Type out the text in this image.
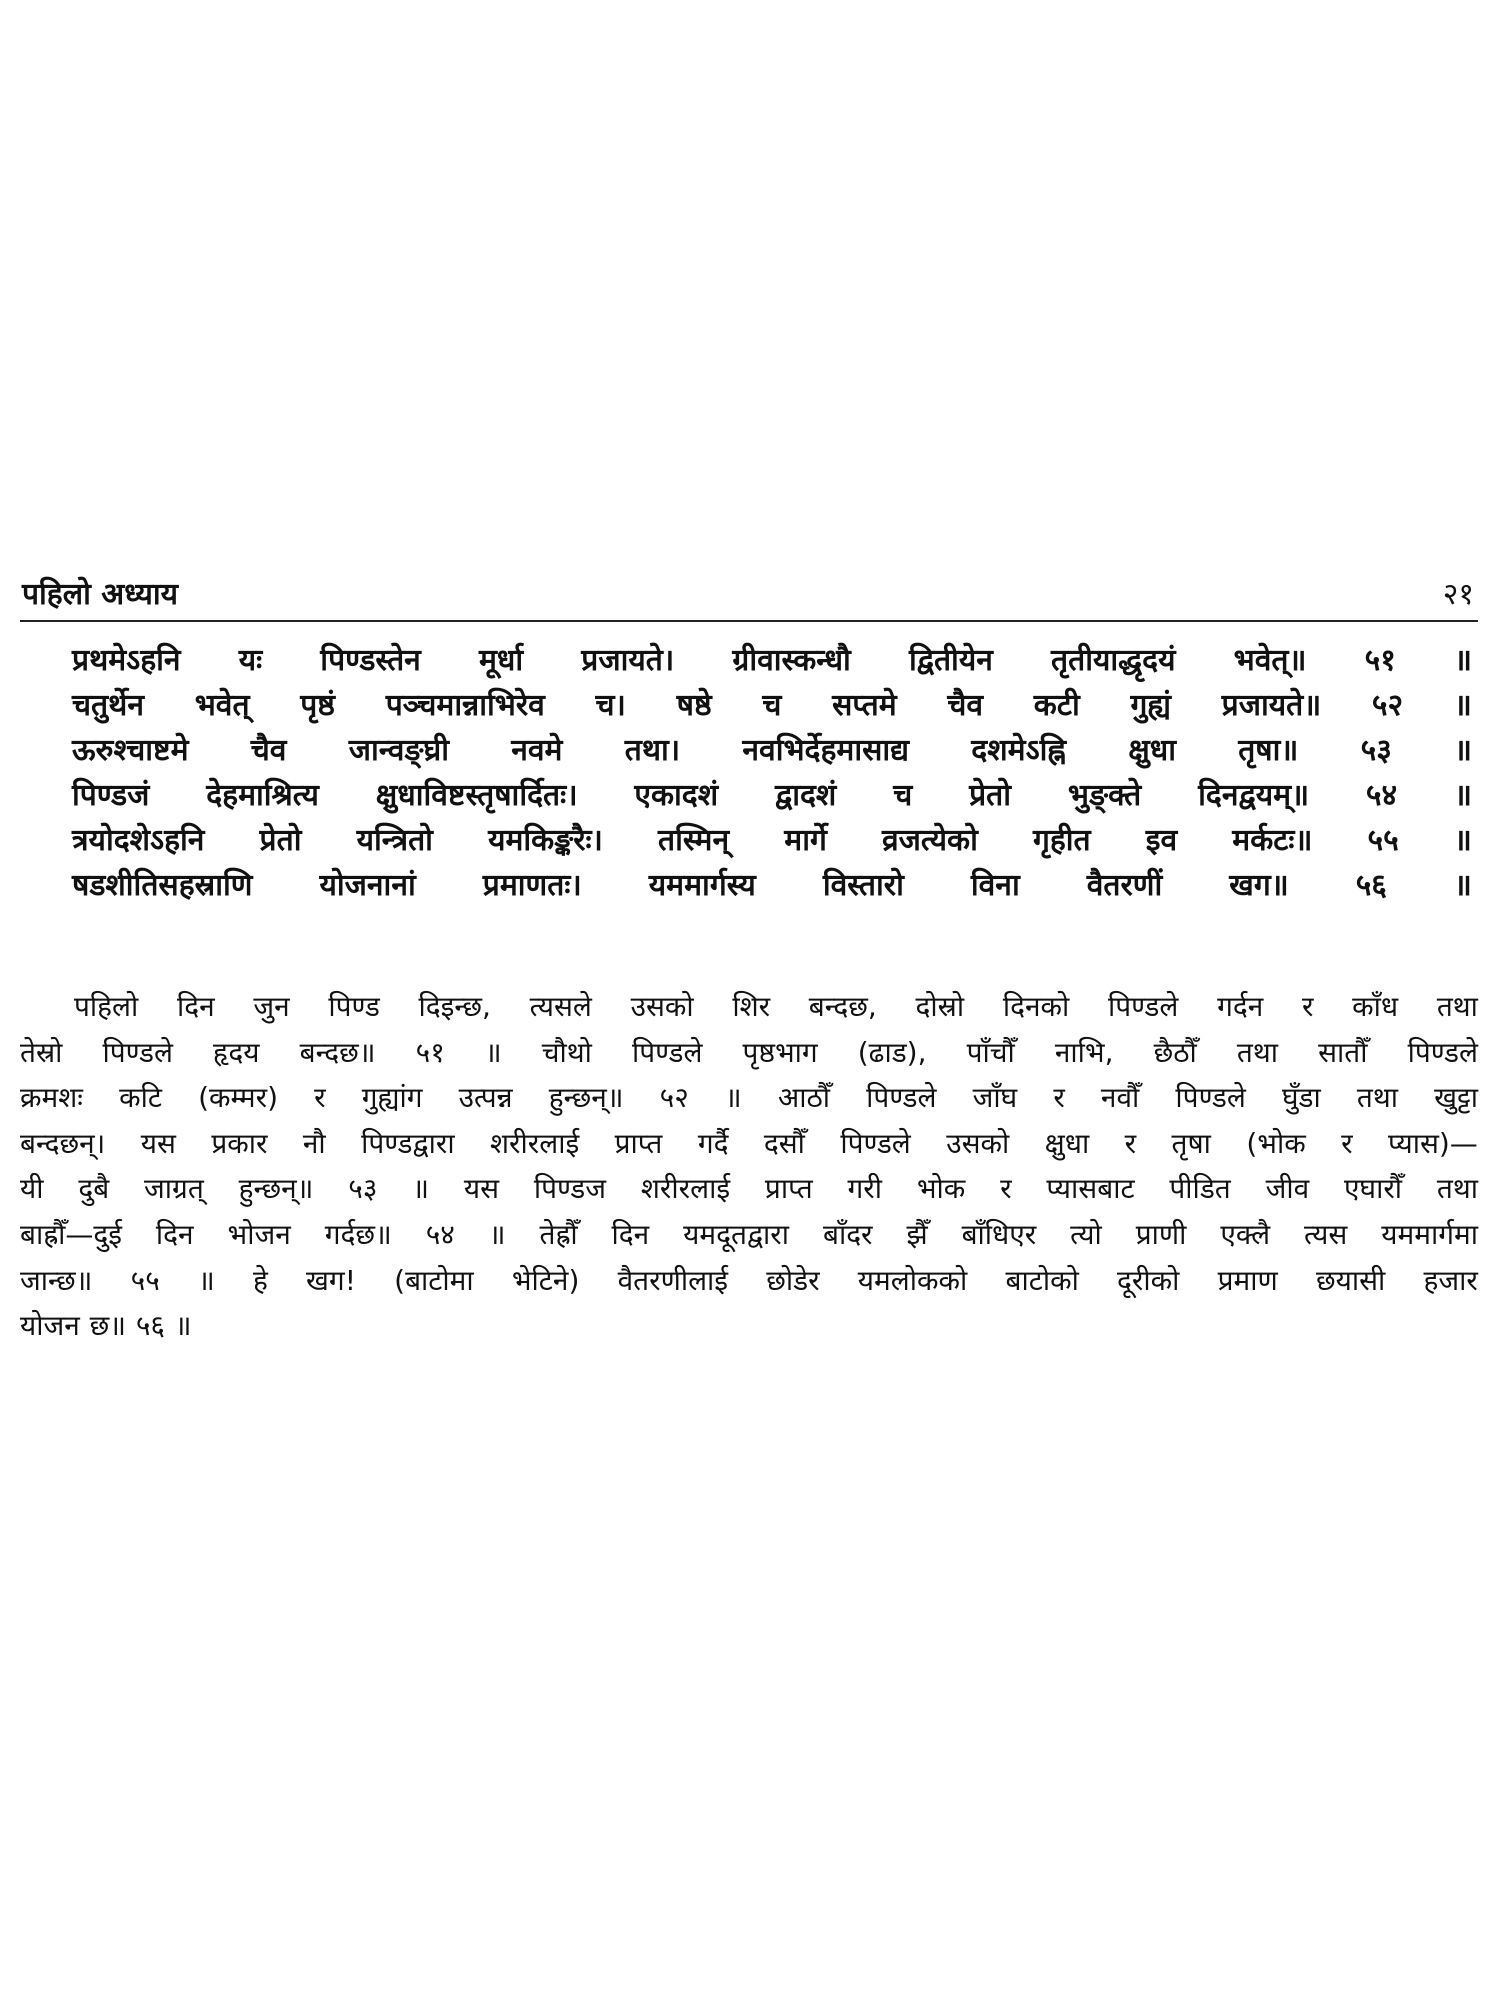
पहिलो अध्याय	२१
प्रथमेऽहनि यः पिण्डस्तेन मूर्धा प्रजायते। ग्रीवास्कन्धौ द्वितीयेन तृतीयाद्धृदयं भवेत्॥ ५१ ॥
चतुर्थेन भवेत् पृष्ठं पञ्चमान्नाभिरेव च। षष्ठे च सप्तमे चैव कटी गुह्यं प्रजायते॥ ५२ ॥
ऊरुश्चाष्टमे चैव जान्वङ्घ्री नवमे तथा। नवभिर्देहमासाद्य दशमेऽह्नि क्षुधा तृषा॥ ५३ ॥
पिण्डजं देहमाश्रित्य क्षुधाविष्टस्तृषार्दितः। एकादशं द्वादशं च प्रेतो भुङ्क्ते दिनद्वयम्॥ ५४ ॥
त्रयोदशेऽहनि प्रेतो यन्त्रितो यमकिङ्करैः। तस्मिन् मार्गे व्रजत्येको गृहीत इव मर्कटः॥ ५५ ॥
षडशीतिसहस्राणि योजनानां प्रमाणतः। यममार्गस्य विस्तारो विना वैतरणीं खग॥ ५६ ॥
पहिलो दिन जुन पिण्ड दिइन्छ, त्यसले उसको शिर बन्दछ, दोस्रो दिनको पिण्डले गर्दन र काँध तथा
तेस्रो पिण्डले हृदय बन्दछ॥ ५१ ॥ चौथो पिण्डले पृष्ठभाग (ढाड), पाँचौँ नाभि, छैठौँ तथा सातौँ पिण्डले
क्रमशः कटि (कम्मर) र गुह्यांग उत्पन्न हुन्छन्॥ ५२ ॥ आठौँ पिण्डले जाँघ र नवौँ पिण्डले घुँडा तथा खुट्टा
बन्दछन्। यस प्रकार नौ पिण्डद्वारा शरीरलाई प्राप्त गर्दै दसौँ पिण्डले उसको क्षुधा र तृषा (भोक र प्यास)—
यी दुबै जाग्रत् हुन्छन्॥ ५३ ॥ यस पिण्डज शरीरलाई प्राप्त गरी भोक र प्यासबाट पीडित जीव एघारौँ तथा
बाह्रौँ—दुई दिन भोजन गर्दछ॥ ५४ ॥ तेह्रौँ दिन यमदूतद्वारा बाँदर झैँ बाँधिएर त्यो प्राणी एक्लै त्यस यममार्गमा
जान्छ॥ ५५ ॥ हे खग! (बाटोमा भेटिने) वैतरणीलाई छोडेर यमलोकको बाटोको दूरीको प्रमाण छयासी हजार
योजन छ॥ ५६ ॥
